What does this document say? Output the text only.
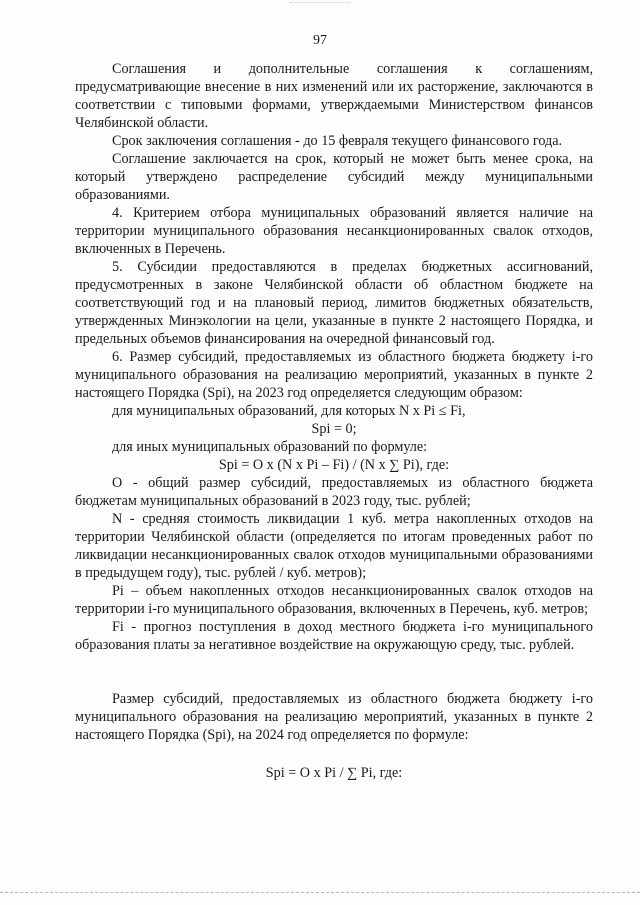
97

Соглашения и дополнительные соглашения к соглашениям, предусматривающие внесение в них изменений или их расторжение, заключаются в соответствии с типовыми формами, утверждаемыми Министерством финансов Челябинской области.

Срок заключения соглашения - до 15 февраля текущего финансового года.

Соглашение заключается на срок, который не может быть менее срока, на который утверждено распределение субсидий между муниципальными образованиями.

4. Критерием отбора муниципальных образований является наличие на территории муниципального образования несанкционированных свалок отходов, включенных в Перечень.

5. Субсидии предоставляются в пределах бюджетных ассигнований, предусмотренных в законе Челябинской области об областном бюджете на соответствующий год и на плановый период, лимитов бюджетных обязательств, утвержденных Минэкологии на цели, указанные в пункте 2 настоящего Порядка, и предельных объемов финансирования на очередной финансовый год.

6. Размер субсидий, предоставляемых из областного бюджета бюджету i-го муниципального образования на реализацию мероприятий, указанных в пункте 2 настоящего Порядка (Spi), на 2023 год определяется следующим образом:

для муниципальных образований, для которых N x Pi ≤ Fi,

Spi = 0;

для иных муниципальных образований по формуле:

Spi = O x (N x Pi – Fi) / (N x ∑ Pi), где:

O - общий размер субсидий, предоставляемых из областного бюджета бюджетам муниципальных образований в 2023 году, тыс. рублей;

N - средняя стоимость ликвидации 1 куб. метра накопленных отходов на территории Челябинской области (определяется по итогам проведенных работ по ликвидации несанкционированных свалок отходов муниципальными образованиями в предыдущем году), тыс. рублей / куб. метров);

Pi – объем накопленных отходов несанкционированных свалок отходов на территории i-го муниципального образования, включенных в Перечень, куб. метров;

Fi - прогноз поступления в доход местного бюджета i-го муниципального образования платы за негативное воздействие на окружающую среду, тыс. рублей.

Размер субсидий, предоставляемых из областного бюджета бюджету i-го муниципального образования на реализацию мероприятий, указанных в пункте 2 настоящего Порядка (Spi), на 2024 год определяется по формуле:

Spi = O x Pi / ∑ Pi, где:
